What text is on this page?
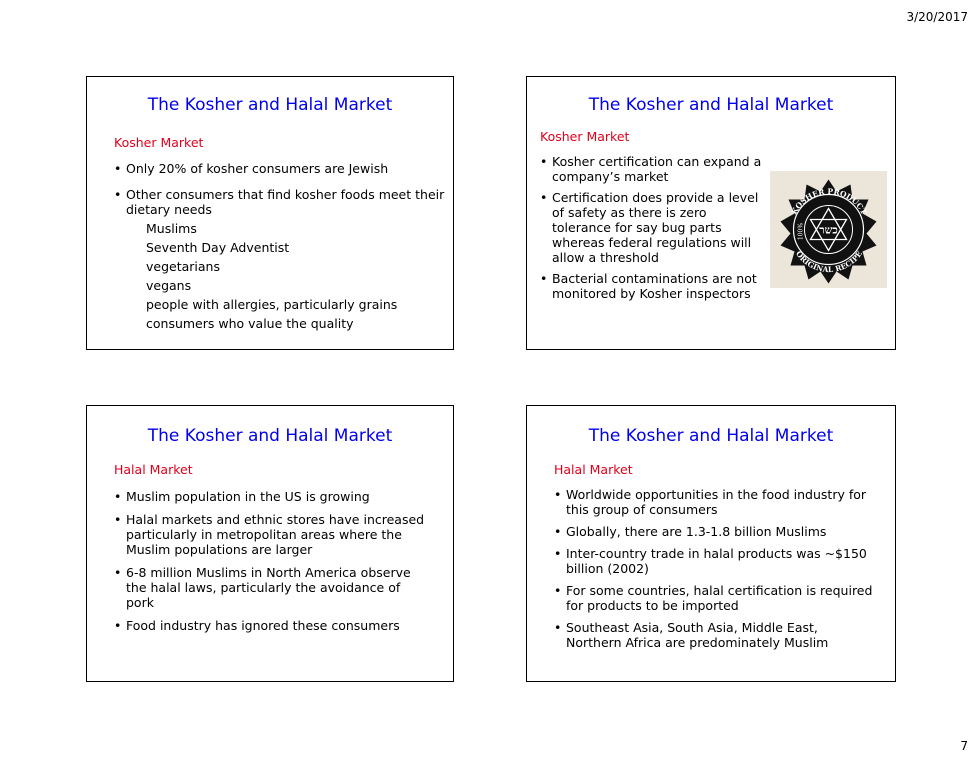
3/20/2017
The Kosher and Halal Market
Kosher Market
• Only 20% of kosher consumers are Jewish
• Other consumers that find kosher foods meet their dietary needs
Muslims
Seventh Day Adventist
vegetarians
vegans
people with allergies, particularly grains
consumers who value the quality
The Kosher and Halal Market
Kosher Market
• Kosher certification can expand a company’s market
• Certification does provide a level of safety as there is zero tolerance for say bug parts whereas federal regulations will allow a threshold
• Bacterial contaminations are not monitored by Kosher inspectors
כשר
100%
KOSHER PRODUCT
ORIGINAL RECIPE
The Kosher and Halal Market
Halal Market
• Muslim population in the US is growing
• Halal markets and ethnic stores have increased particularly in metropolitan areas where the Muslim populations are larger
• 6-8 million Muslims in North America observe the halal laws, particularly the avoidance of pork
• Food industry has ignored these consumers
The Kosher and Halal Market
Halal Market
• Worldwide opportunities in the food industry for this group of consumers
• Globally, there are 1.3-1.8 billion Muslims
• Inter-country trade in halal products was ~$150 billion (2002)
• For some countries, halal certification is required for products to be imported
• Southeast Asia, South Asia, Middle East, Northern Africa are predominately Muslim
7
